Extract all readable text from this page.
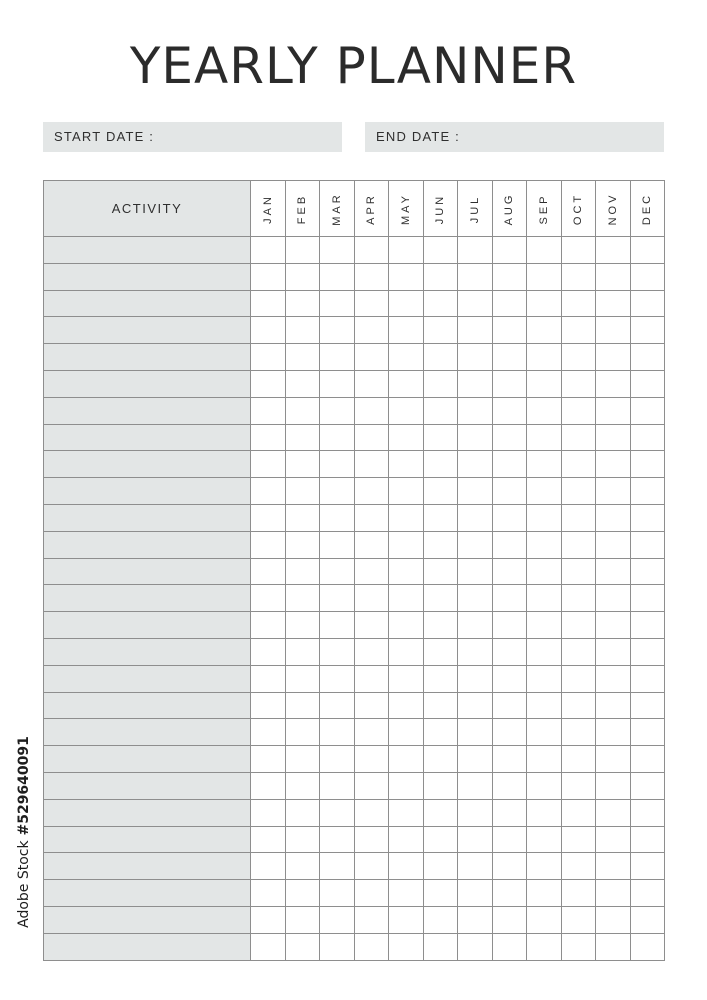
YEARLY PLANNER
START DATE :	END DATE :
ACTIVITY	JAN	FEB	MAR	APR	MAY	JUN	JUL	AUG	SEP	OCT	NOV	DEC

Adobe Stock #529640091
